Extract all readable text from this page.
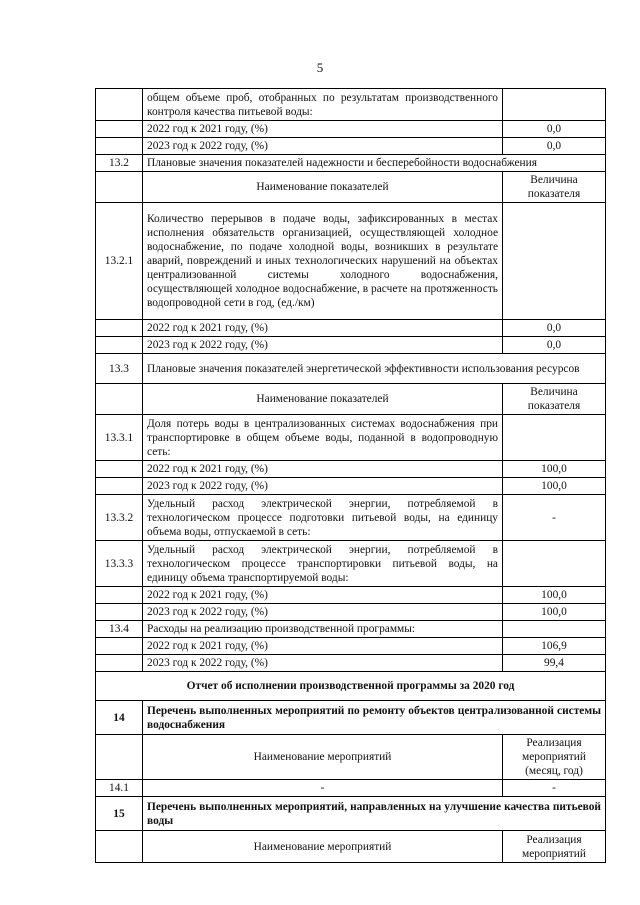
5
	общем объеме проб, отобранных по результатам производственного контроля качества питьевой воды:	
	2022 год к 2021 году, (%)	0,0
	2023 год к 2022 году, (%)	0,0
13.2	Плановые значения показателей надежности и бесперебойности водоснабжения	
	Наименование показателей	Величина показателя
13.2.1	Количество перерывов в подаче воды, зафиксированных в местах исполнения обязательств организацией, осуществляющей холодное водоснабжение, по подаче холодной воды, возникших в результате аварий, повреждений и иных технологических нарушений на объектах централизованной системы холодного водоснабжения, осуществляющей холодное водоснабжение, в расчете на протяженность водопроводной сети в год, (ед./км)	
	2022 год к 2021 году, (%)	0,0
	2023 год к 2022 году, (%)	0,0
13.3	Плановые значения показателей энергетической эффективности использования ресурсов	
	Наименование показателей	Величина показателя
13.3.1	Доля потерь воды в централизованных системах водоснабжения при транспортировке в общем объеме воды, поданной в водопроводную сеть:	
	2022 год к 2021 году, (%)	100,0
	2023 год к 2022 году, (%)	100,0
13.3.2	Удельный расход электрической энергии, потребляемой в технологическом процессе подготовки питьевой воды, на единицу объема воды, отпускаемой в сеть:	-
13.3.3	Удельный расход электрической энергии, потребляемой в технологическом процессе транспортировки питьевой воды, на единицу объема транспортируемой воды:	
	2022 год к 2021 году, (%)	100,0
	2023 год к 2022 году, (%)	100,0
13.4	Расходы на реализацию производственной программы:	
	2022 год к 2021 году, (%)	106,9
	2023 год к 2022 году, (%)	99,4
Отчет об исполнении производственной программы за 2020 год		
14	Перечень выполненных мероприятий по ремонту объектов централизованной системы водоснабжения	
	Наименование мероприятий	Реализация мероприятий (месяц, год)
14.1	-	-
15	Перечень выполненных мероприятий, направленных на улучшение качества питьевой воды	
	Наименование мероприятий	Реализация мероприятий
